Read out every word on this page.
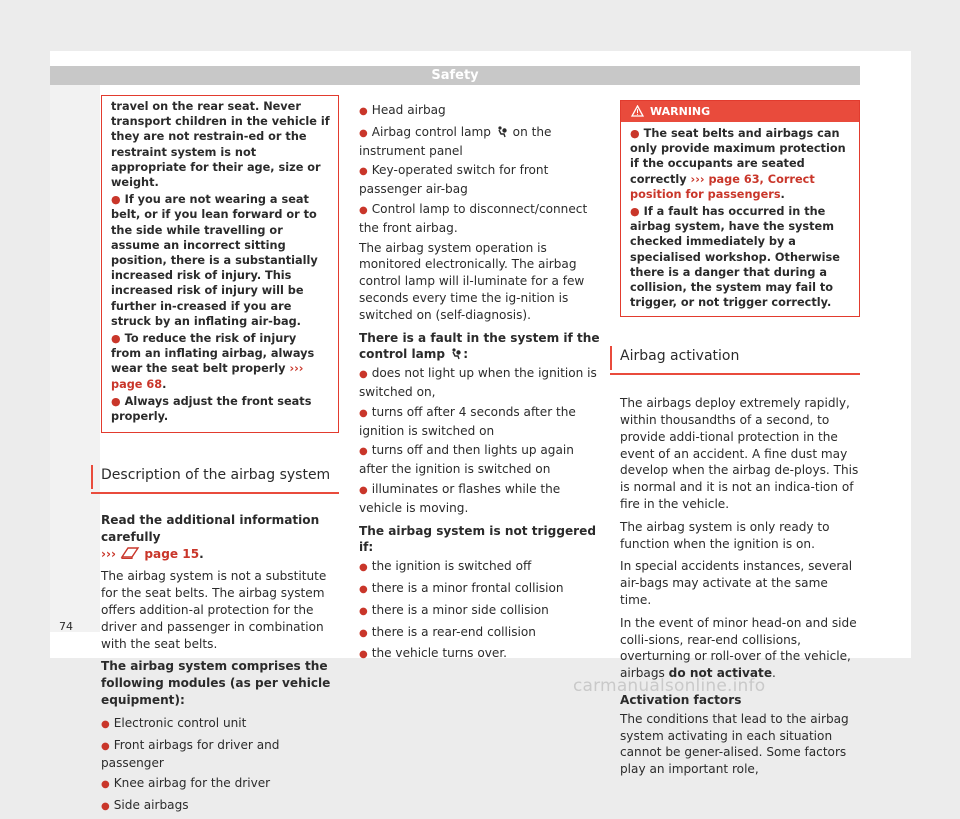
Safety
travel on the rear seat. Never transport children in the vehicle if they are not restrain-ed or the restraint system is not appropriate for their age, size or weight.
● If you are not wearing a seat belt, or if you lean forward or to the side while travelling or assume an incorrect sitting position, there is a substantially increased risk of injury. This increased risk of injury will be further in-creased if you are struck by an inflating air-bag.
● To reduce the risk of injury from an inflating airbag, always wear the seat belt properly ››› page 68.
● Always adjust the front seats properly.
Description of the airbag system

Read the additional information carefully
›››  page 15.

The airbag system is not a substitute for the seat belts. The airbag system offers addition-al protection for the driver and passenger in combination with the seat belts.

The airbag system comprises the following modules (as per vehicle equipment):

● Electronic control unit
● Front airbags for driver and passenger
● Knee airbag for the driver
● Side airbags
● Head airbag
● Airbag control lamp on the instrument panel
● Key-operated switch for front passenger air-bag
● Control lamp to disconnect/connect the front airbag.

The airbag system operation is monitored electronically. The airbag control lamp will il-luminate for a few seconds every time the ig-nition is switched on (self-diagnosis).

There is a fault in the system if the control lamp :

● does not light up when the ignition is switched on,
● turns off after 4 seconds after the ignition is switched on
● turns off and then lights up again after the ignition is switched on
● illuminates or flashes while the vehicle is moving.

The airbag system is not triggered if:

● the ignition is switched off
● there is a minor frontal collision
● there is a minor side collision
● there is a rear-end collision
● the vehicle turns over.
WARNING
● The seat belts and airbags can only provide maximum protection if the occupants are seated correctly ››› page 63, Correct position for passengers.
● If a fault has occurred in the airbag system, have the system checked immediately by a specialised workshop. Otherwise there is a danger that during a collision, the system may fail to trigger, or not trigger correctly.
Airbag activation

The airbags deploy extremely rapidly, within thousandths of a second, to provide addi-tional protection in the event of an accident. A fine dust may develop when the airbag de-ploys. This is normal and it is not an indica-tion of fire in the vehicle.

The airbag system is only ready to function when the ignition is on.

In special accidents instances, several air-bags may activate at the same time.

In the event of minor head-on and side colli-sions, rear-end collisions, overturning or roll-over of the vehicle, airbags do not activate.

Activation factors

The conditions that lead to the airbag system activating in each situation cannot be gener-alised. Some factors play an important role,

74
carmanualsonline.info
